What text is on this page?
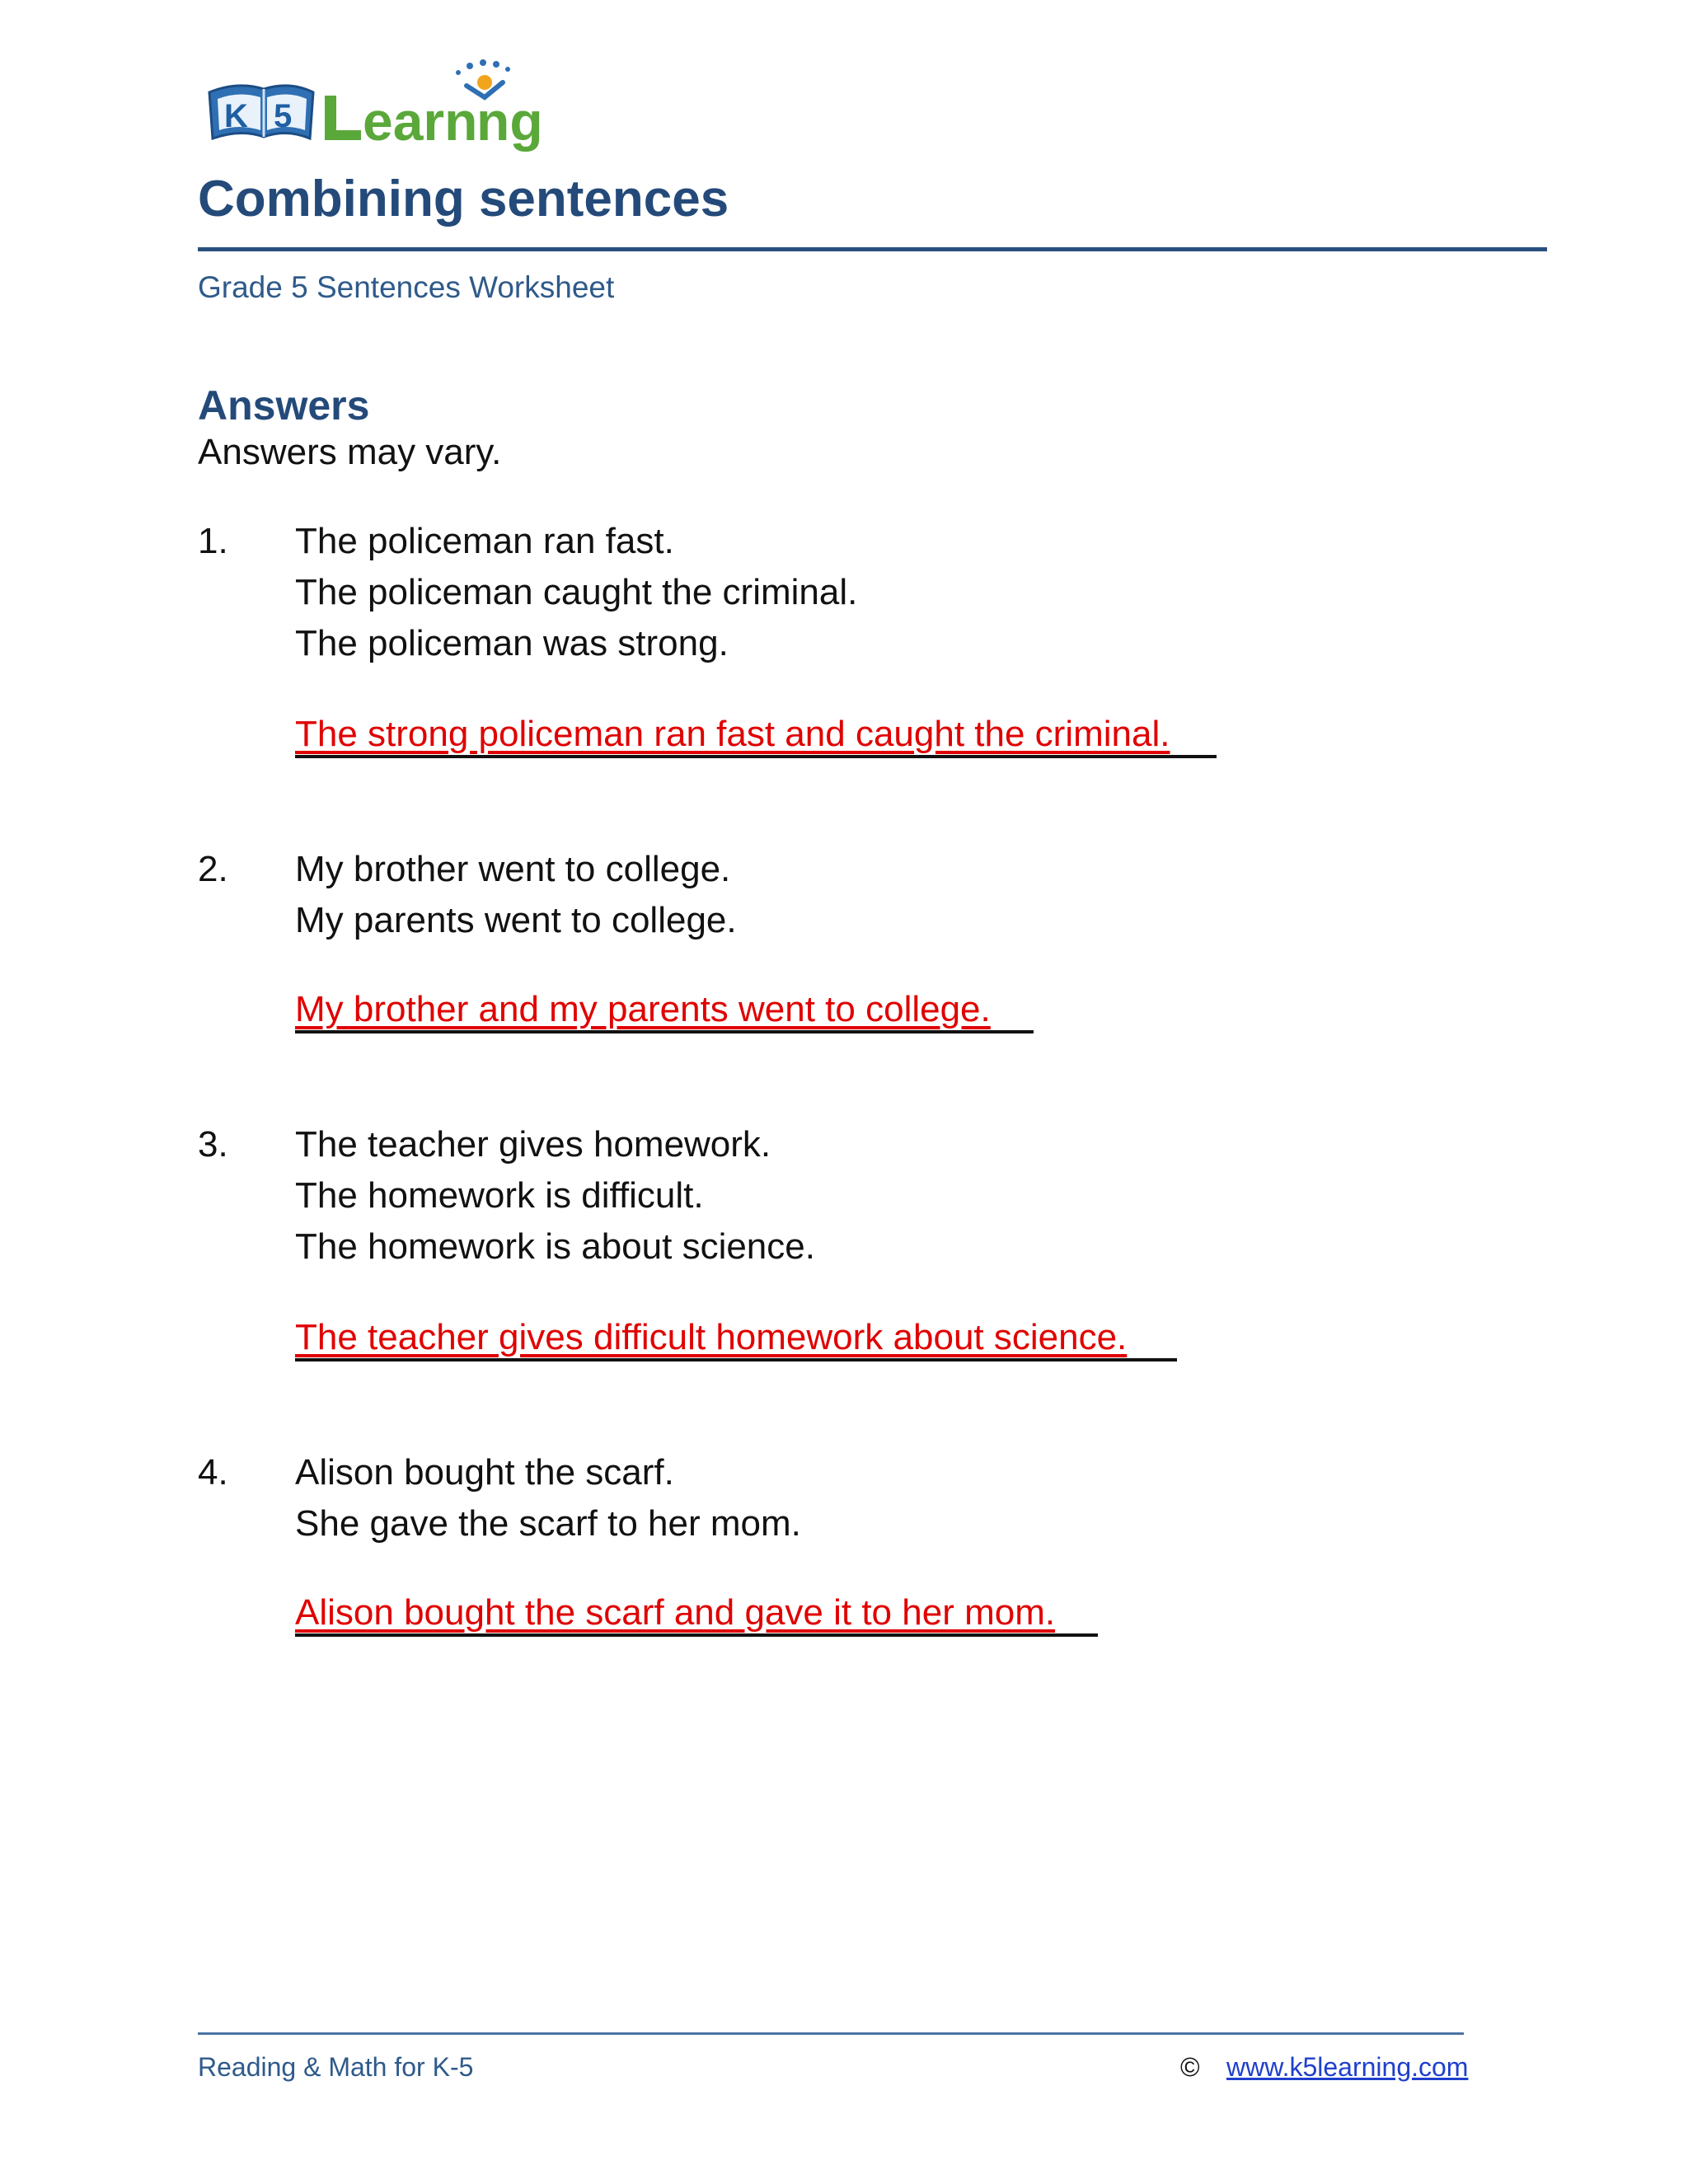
K 5 earn
ng
Combining sentences
Grade 5 Sentences Worksheet
Answers
Answers may vary.
1. The policeman ran fast.
The policeman caught the criminal.
The policeman was strong.
The strong policeman ran fast and caught the criminal.
2. My brother went to college.
My parents went to college.
My brother and my parents went to college.
3. The teacher gives homework.
The homework is difficult.
The homework is about science.
The teacher gives difficult homework about science.
4. Alison bought the scarf.
She gave the scarf to her mom.
Alison bought the scarf and gave it to her mom.
Reading & Math for K-5	© www.k5learning.com
